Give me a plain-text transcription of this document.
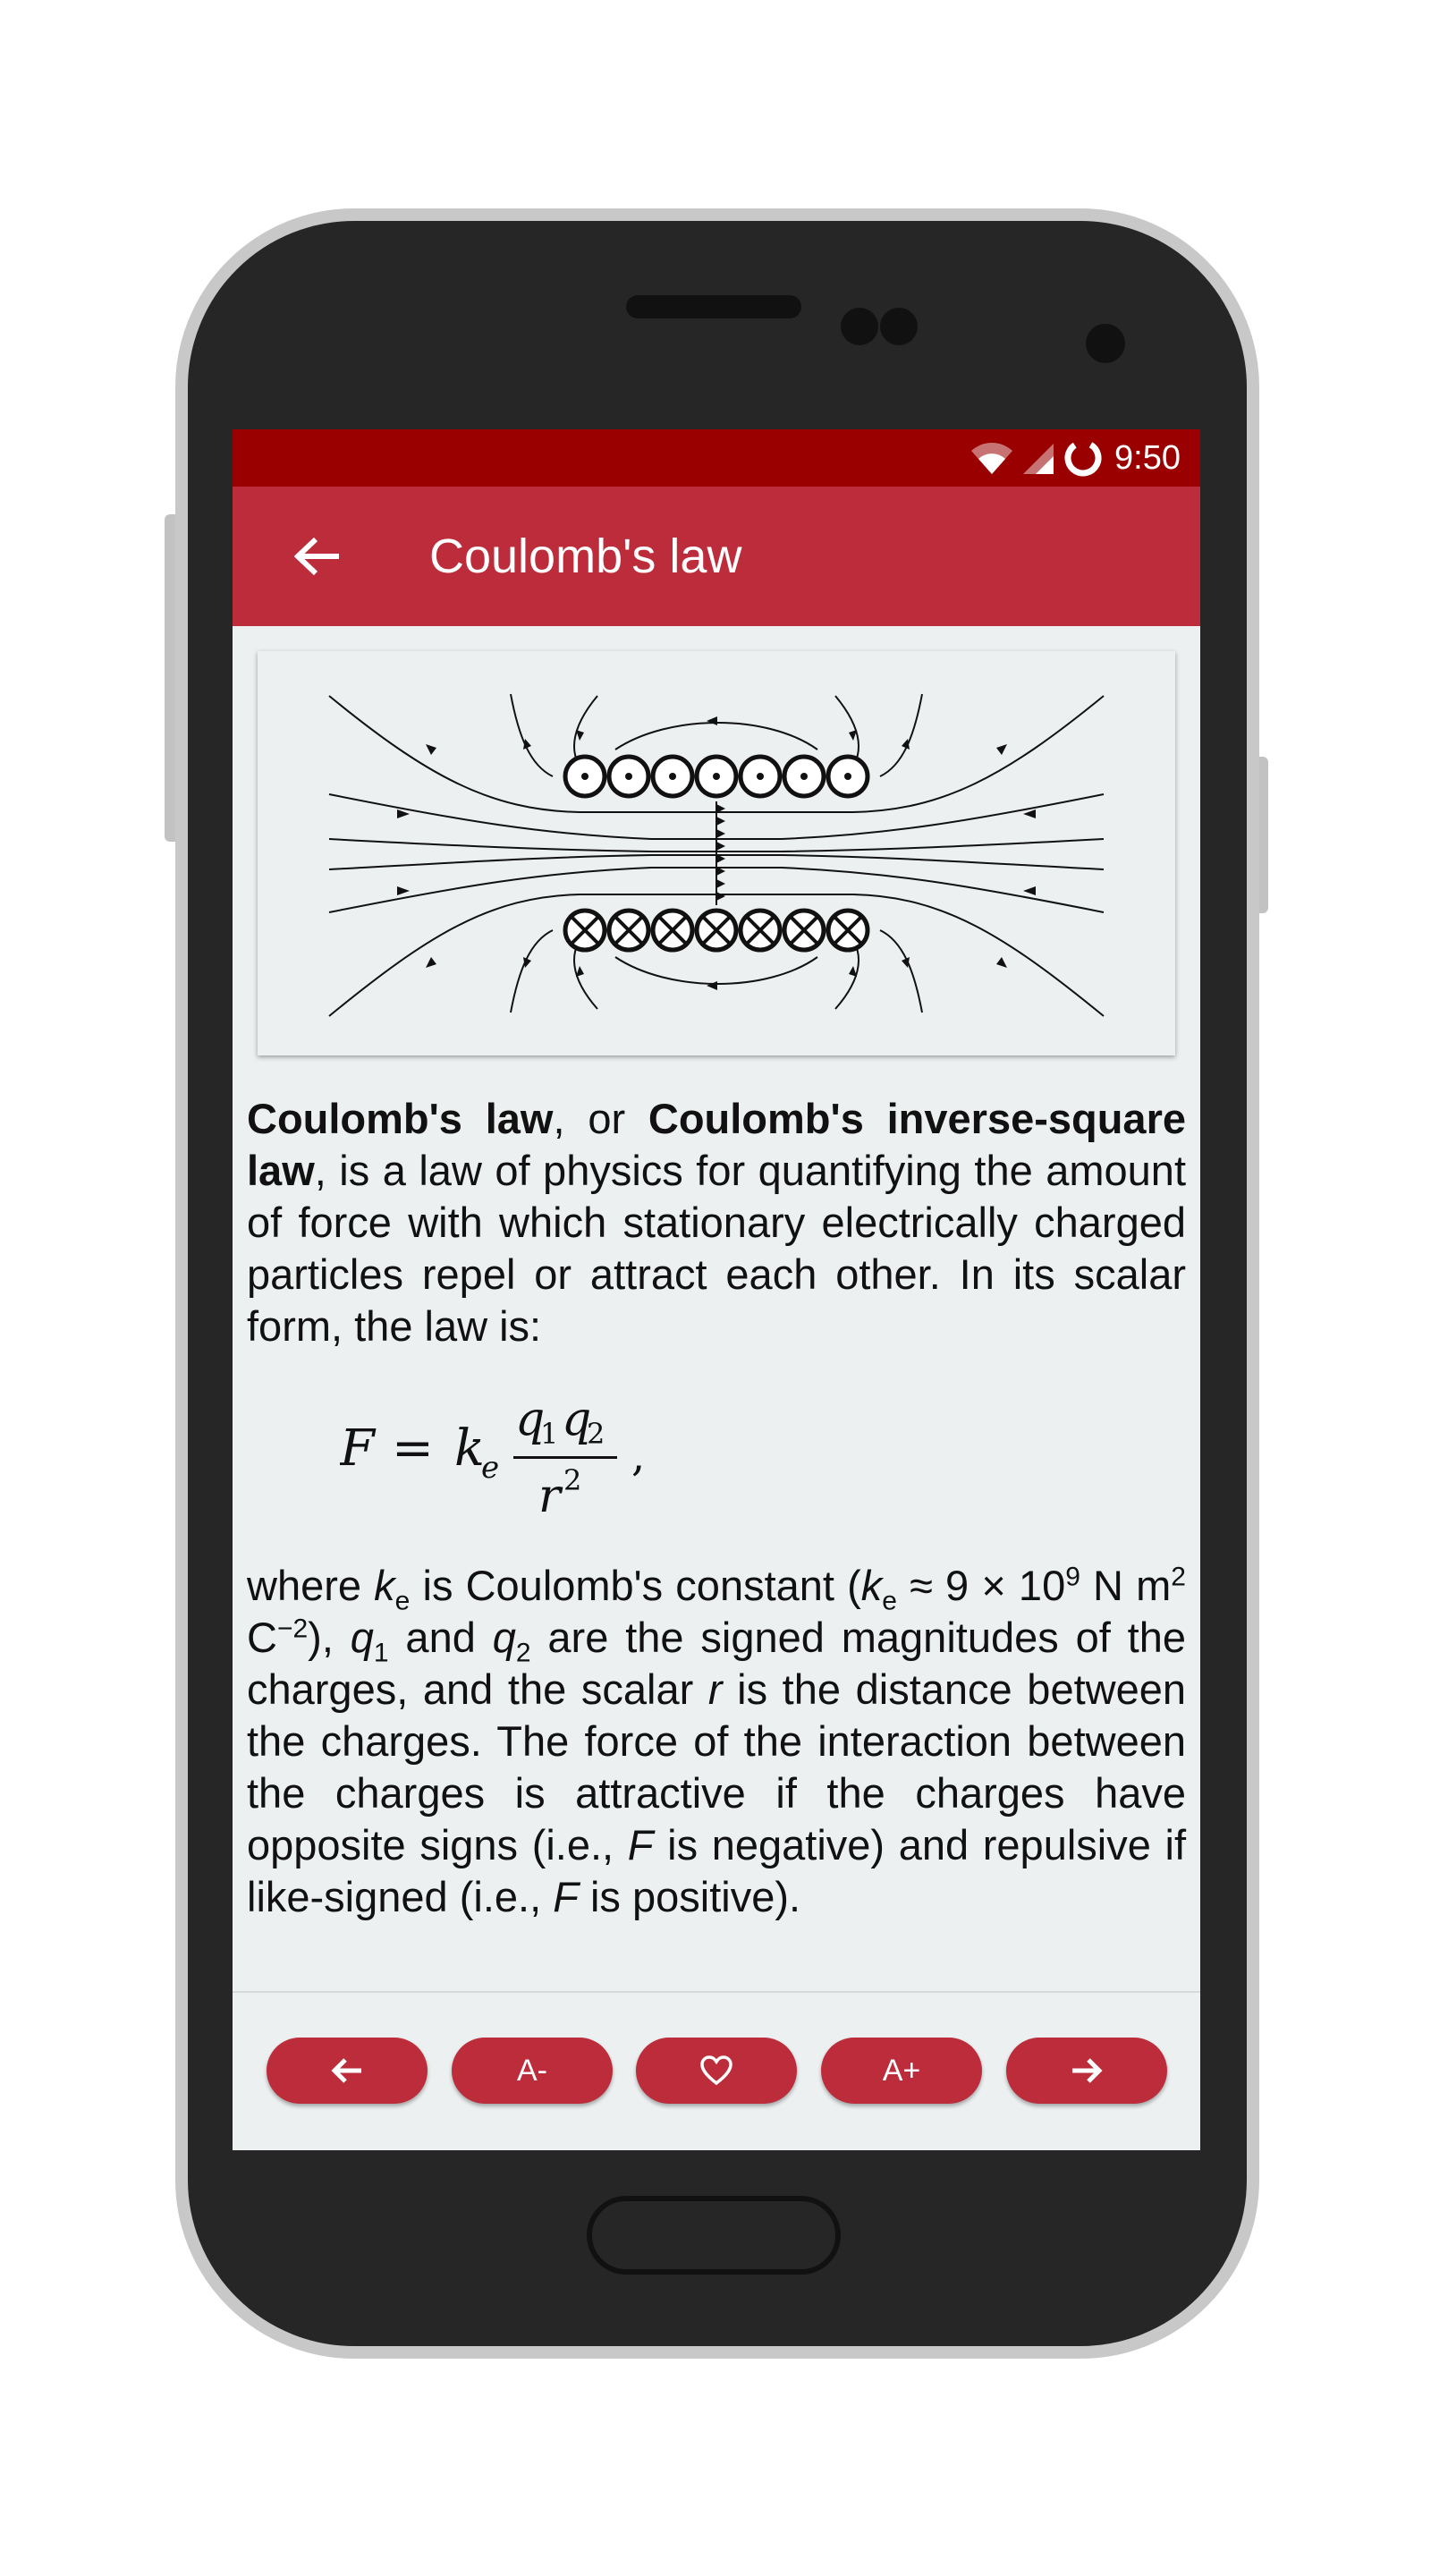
9:50
Coulomb's law
Coulomb's law, or Coulomb's inverse-square law, is a law of physics for quantifying the amount of force with which stationary electrically charged particles repel or attract each other. In its scalar form, the law is:
F = k
e
q
1 q
2
r 2 ,
where $k_e$ is Coulomb's constant ($k_e \approx 9 \times 10^9$ N $m^2$ $C^{-2}$), $q_1$ and $q_2$ are the signed magnitudes of the charges, and the scalar r is the distance between the charges. The force of the interaction between the charges is attractive if the charges have opposite signs (i.e., F is negative) and repulsive if like-signed (i.e., F is positive).
A-	A+
